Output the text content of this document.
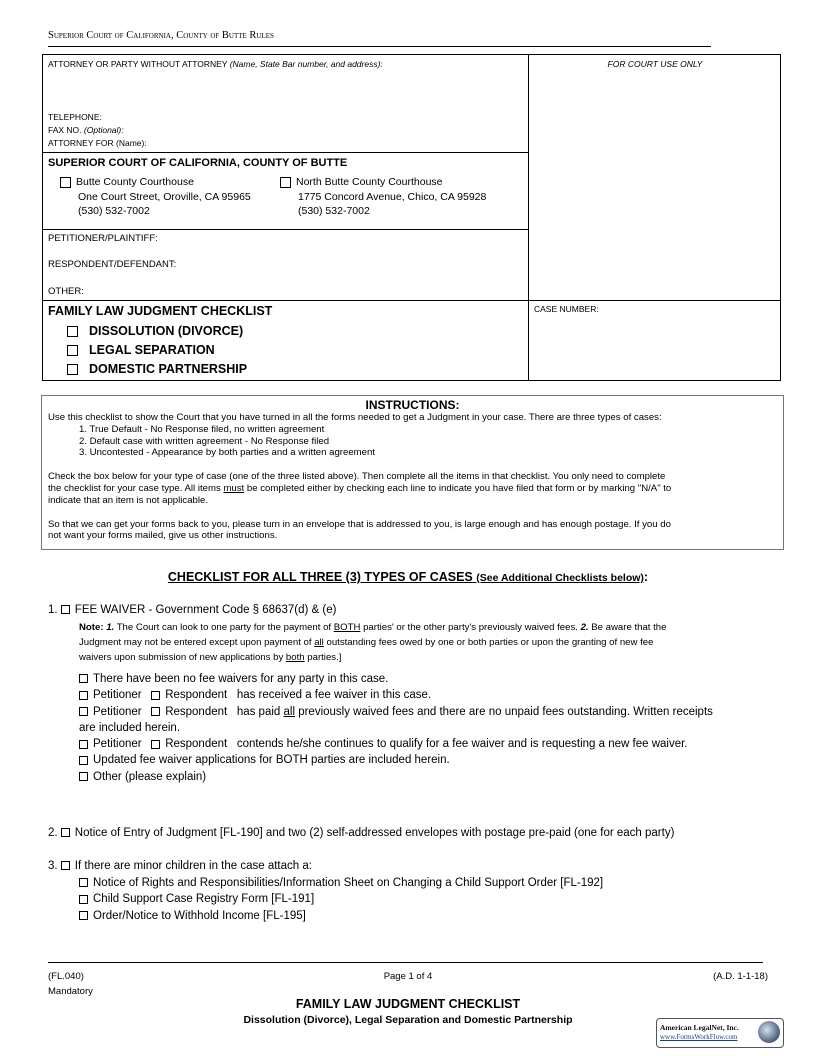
Superior Court of California, County of Butte Rules
ATTORNEY OR PARTY WITHOUT ATTORNEY (Name, State Bar number, and address):	FOR COURT USE ONLY
TELEPHONE:
FAX NO. (Optional):
ATTORNEY FOR (Name):
SUPERIOR COURT OF CALIFORNIA, COUNTY OF BUTTE
Butte County Courthouse
One Court Street, Oroville, CA 95965
(530) 532-7002
North Butte County Courthouse
1775 Concord Avenue, Chico, CA 95928
(530) 532-7002
PETITIONER/PLAINTIFF:
RESPONDENT/DEFENDANT:
OTHER:
FAMILY LAW JUDGMENT CHECKLIST
DISSOLUTION (DIVORCE)
LEGAL SEPARATION
DOMESTIC PARTNERSHIP
CASE NUMBER:
INSTRUCTIONS:
Use this checklist to show the Court that you have turned in all the forms needed to get a Judgment in your case. There are three types of cases:
1. True Default - No Response filed, no written agreement
2. Default case with written agreement - No Response filed
3. Uncontested - Appearance by both parties and a written agreement
Check the box below for your type of case (one of the three listed above). Then complete all the items in that checklist. You only need to complete
the checklist for your case type. All items must be completed either by checking each line to indicate you have filed that form or by marking "N/A" to
indicate that an item is not applicable.
So that we can get your forms back to you, please turn in an envelope that is addressed to you, is large enough and has enough postage. If you do
not want your forms mailed, give us other instructions.
CHECKLIST FOR ALL THREE (3) TYPES OF CASES (See Additional Checklists below):
1. FEE WAIVER - Government Code § 68637(d) & (e)
Note: 1. The Court can look to one party for the payment of BOTH parties' or the other party's previously waived fees. 2. Be aware that the
Judgment may not be entered except upon payment of all outstanding fees owed by one or both parties or upon the granting of new fee
waivers upon submission of new applications by both parties.]
There have been no fee waivers for any party in this case.
Petitioner Respondent has received a fee waiver in this case.
Petitioner Respondent has paid all previously waived fees and there are no unpaid fees outstanding. Written receipts
are included herein.
Petitioner Respondent contends he/she continues to qualify for a fee waiver and is requesting a new fee waiver.
Updated fee waiver applications for BOTH parties are included herein.
Other (please explain)
2. Notice of Entry of Judgment [FL-190] and two (2) self-addressed envelopes with postage pre-paid (one for each party)
3. If there are minor children in the case attach a:
Notice of Rights and Responsibilities/Information Sheet on Changing a Child Support Order [FL-192]
Child Support Case Registry Form [FL-191]
Order/Notice to Withhold Income [FL-195]
(FL.040)
Mandatory
Page 1 of 4	(A.D. 1-1-18)
FAMILY LAW JUDGMENT CHECKLIST
Dissolution (Divorce), Legal Separation and Domestic Partnership
American LegalNet, Inc.
www.FormsWorkFlow.com
